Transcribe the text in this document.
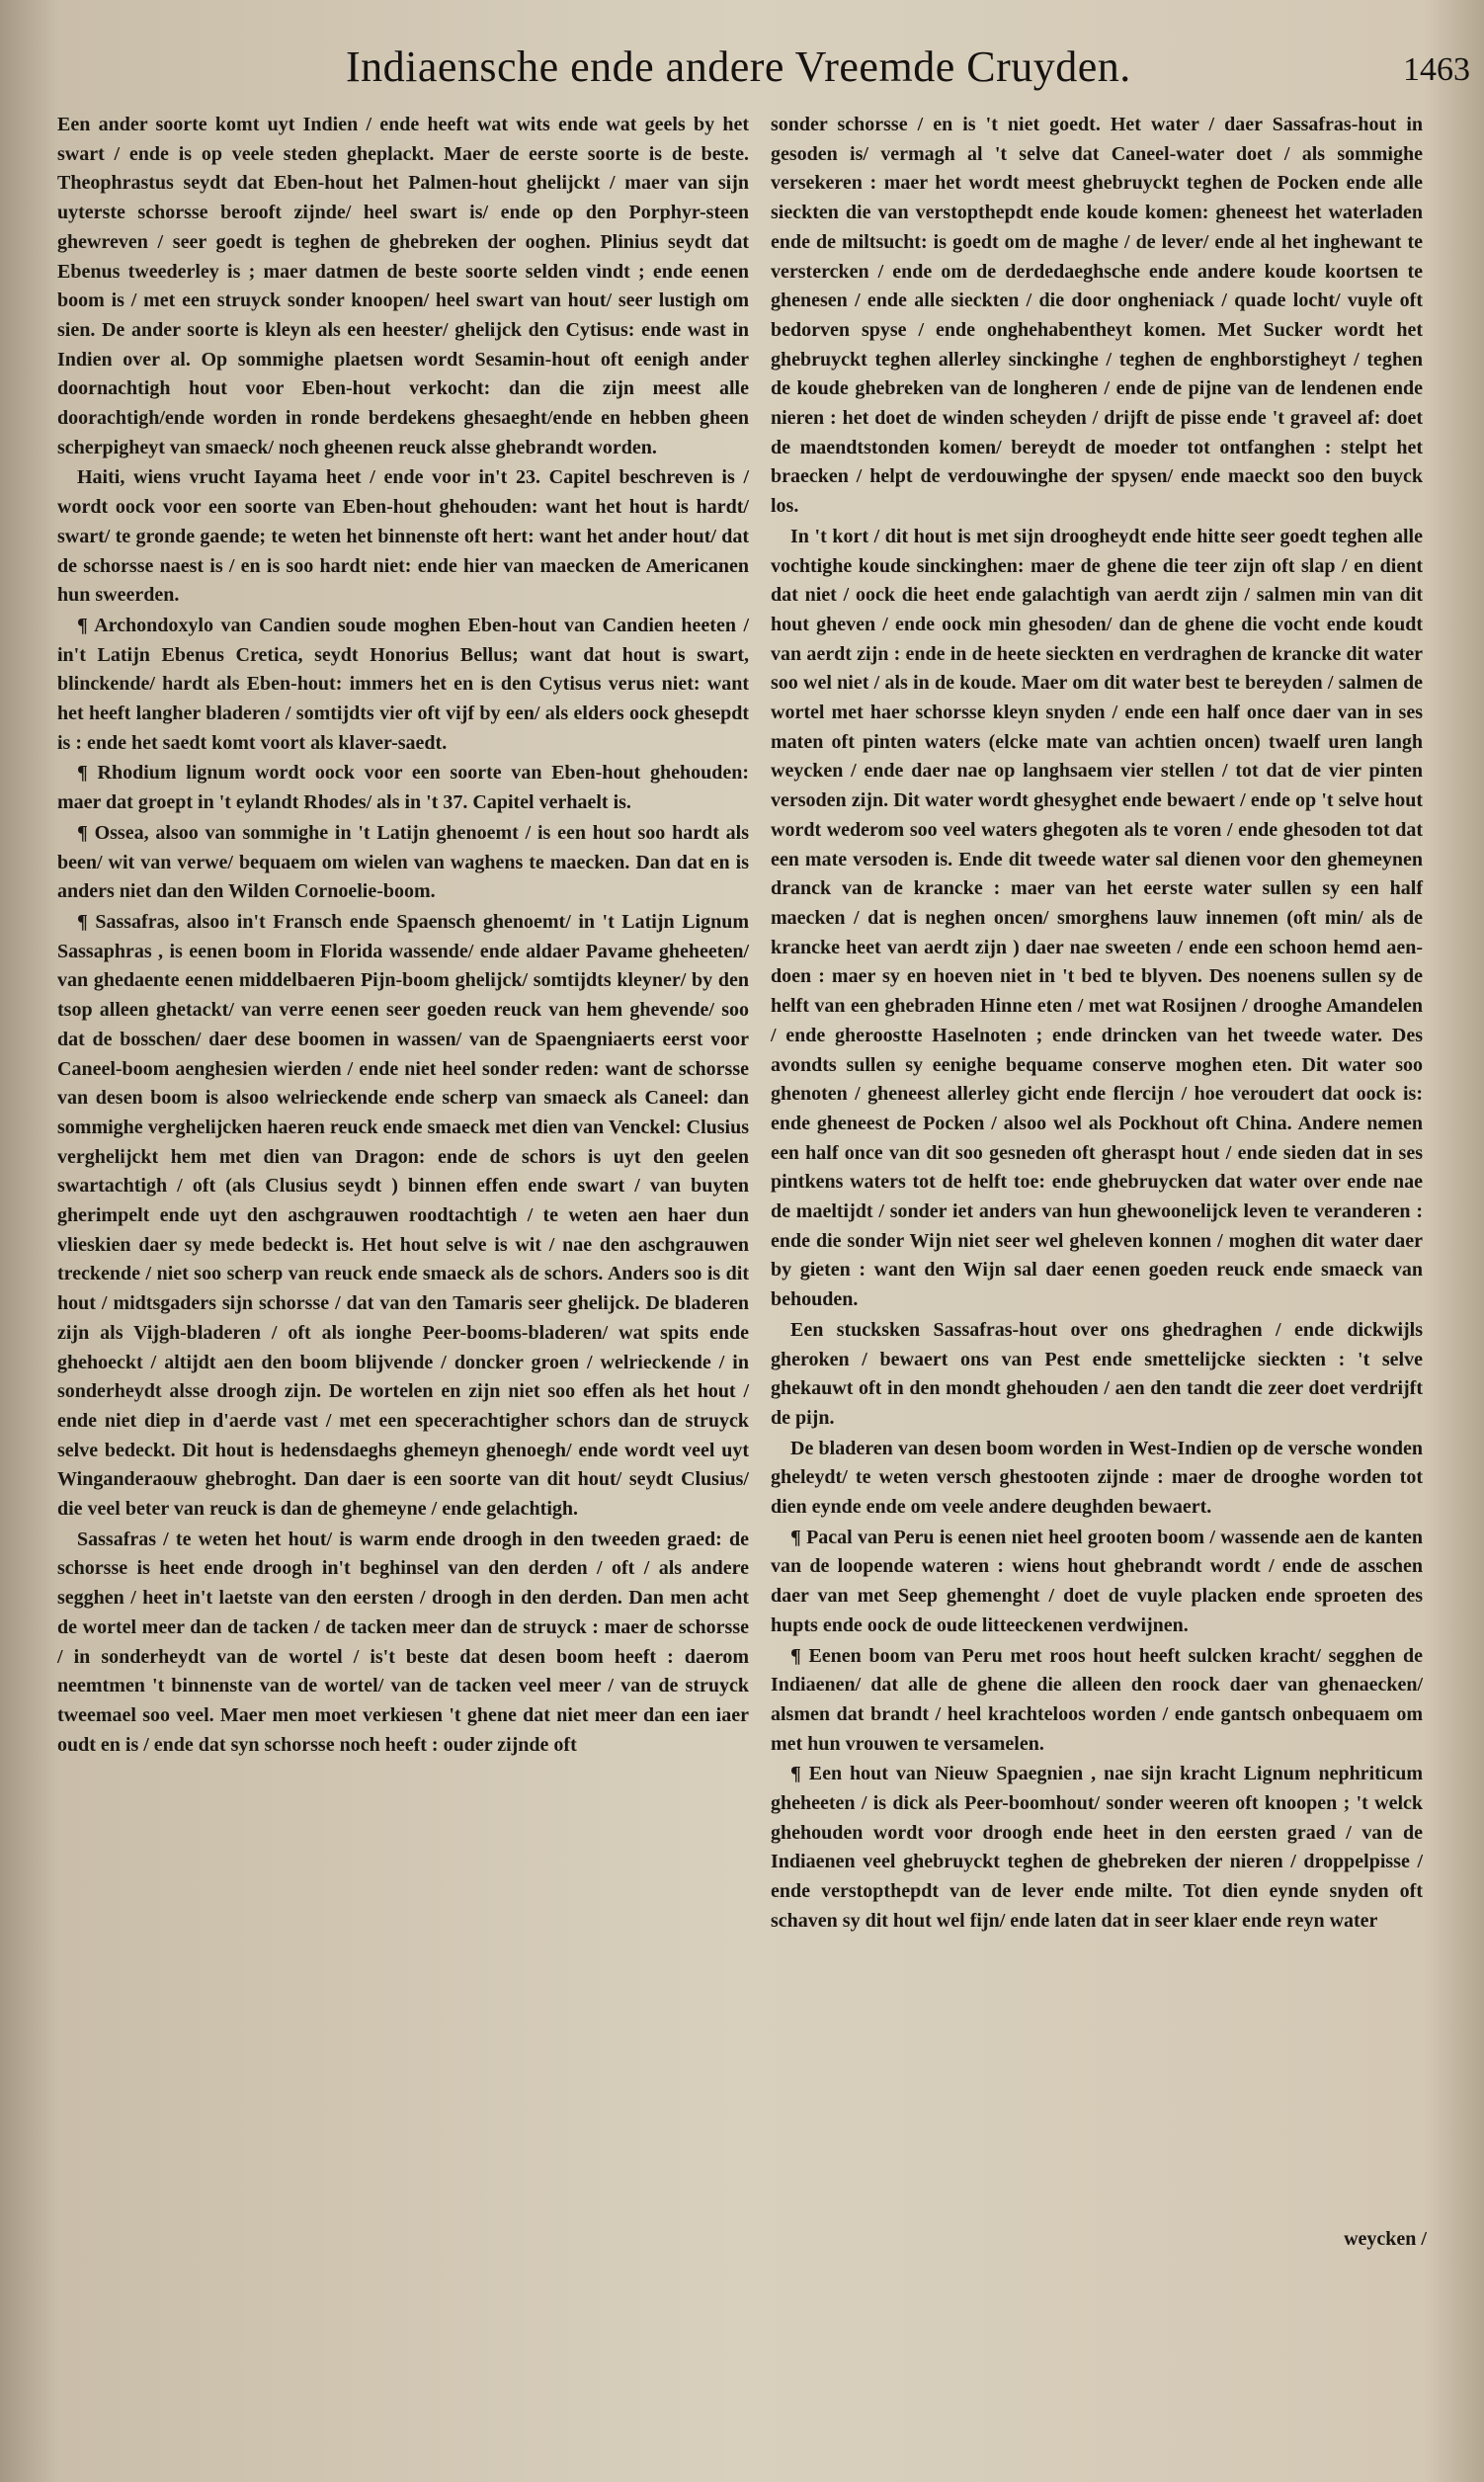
Indiaensche ende andere Vreemde Cruyden.	1463

Een ander soorte komt uyt Indien / ende heeft wat wits ende wat geels by het swart / ende is op veele steden gheplackt. Maer de eerste soorte is de beste. Theophrastus seydt dat Eben-hout het Palmen-hout ghelijckt / maer van sijn uyterste schorsse berooft zijnde/ heel swart is/ ende op den Porphyr-steen ghewreven / seer goedt is teghen de ghebreken der ooghen. Plinius seydt dat Ebenus tweederley is ; maer datmen de beste soorte selden vindt ; ende eenen boom is / met een struyck sonder knoopen/ heel swart van hout/ seer lustigh om sien. De ander soorte is kleyn als een heester/ ghelijck den Cytisus: ende wast in Indien over al. Op sommighe plaetsen wordt Sesamin-hout oft eenigh ander doornachtigh hout voor Eben-hout verkocht: dan die zijn meest alle doorachtigh/ende worden in ronde berdekens ghesaeght/ende en hebben gheen scherpigheyt van smaeck/ noch gheenen reuck alsse ghebrandt worden.

Haiti, wiens vrucht Iayama heet / ende voor in't 23. Capitel beschreven is / wordt oock voor een soorte van Eben-hout ghehouden: want het hout is hardt/ swart/ te gronde gaende; te weten het binnenste oft hert: want het ander hout/ dat de schorsse naest is / en is soo hardt niet: ende hier van maecken de Americanen hun sweerden.

¶ Archondoxylo van Candien soude moghen Eben-hout van Candien heeten / in't Latijn Ebenus Cretica, seydt Honorius Bellus; want dat hout is swart, blinckende/ hardt als Eben-hout: immers het en is den Cytisus verus niet: want het heeft langher bladeren / somtijdts vier oft vijf by een/ als elders oock ghesepdt is : ende het saedt komt voort als klaver-saedt.

¶ Rhodium lignum wordt oock voor een soorte van Eben-hout ghehouden: maer dat groept in 't eylandt Rhodes/ als in 't 37. Capitel verhaelt is.

¶ Ossea, alsoo van sommighe in 't Latijn ghenoemt / is een hout soo hardt als been/ wit van verwe/ bequaem om wielen van waghens te maecken. Dan dat en is anders niet dan den Wilden Cornoelie-boom.

¶ Sassafras, alsoo in't Fransch ende Spaensch ghenoemt/ in 't Latijn Lignum Sassaphras , is eenen boom in Florida wassende/ ende aldaer Pavame gheheeten/ van ghedaente eenen middelbaeren Pijn-boom ghelijck/ somtijdts kleyner/ by den tsop alleen ghetackt/ van verre eenen seer goeden reuck van hem ghevende/ soo dat de bosschen/ daer dese boomen in wassen/ van de Spaengniaerts eerst voor Caneel-boom aenghesien wierden / ende niet heel sonder reden: want de schorsse van desen boom is alsoo welrieckende ende scherp van smaeck als Caneel: dan sommighe verghelijcken haeren reuck ende smaeck met dien van Venckel: Clusius verghelijckt hem met dien van Dragon: ende de schors is uyt den geelen swartachtigh / oft (als Clusius seydt ) binnen effen ende swart / van buyten gherimpelt ende uyt den aschgrauwen roodtachtigh / te weten aen haer dun vlieskien daer sy mede bedeckt is. Het hout selve is wit / nae den aschgrauwen treckende / niet soo scherp van reuck ende smaeck als de schors. Anders soo is dit hout / midtsgaders sijn schorsse / dat van den Tamaris seer ghelijck. De bladeren zijn als Vijgh-bladeren / oft als ionghe Peer-booms-bladeren/ wat spits ende ghehoeckt / altijdt aen den boom blijvende / doncker groen / welrieckende / in sonderheydt alsse droogh zijn. De wortelen en zijn niet soo effen als het hout / ende niet diep in d'aerde vast / met een specerachtigher schors dan de struyck selve bedeckt. Dit hout is hedensdaeghs ghemeyn ghenoegh/ ende wordt veel uyt Winganderaouw ghebroght. Dan daer is een soorte van dit hout/ seydt Clusius/ die veel beter van reuck is dan de ghemeyne / ende gelachtigh.

Sassafras / te weten het hout/ is warm ende droogh in den tweeden graed: de schorsse is heet ende droogh in't beghinsel van den derden / oft / als andere segghen / heet in't laetste van den eersten / droogh in den derden. Dan men acht de wortel meer dan de tacken / de tacken meer dan de struyck : maer de schorsse / in sonderheydt van de wortel / is't beste dat desen boom heeft : daerom neemtmen 't binnenste van de wortel/ van de tacken veel meer / van de struyck tweemael soo veel. Maer men moet verkiesen 't ghene dat niet meer dan een iaer oudt en is / ende dat syn schorsse noch heeft : ouder zijnde oft

sonder schorsse / en is 't niet goedt. Het water / daer Sassafras-hout in gesoden is/ vermagh al 't selve dat Caneel-water doet / als sommighe versekeren : maer het wordt meest ghebruyckt teghen de Pocken ende alle sieckten die van verstopthepdt ende koude komen: gheneest het waterladen ende de miltsucht: is goedt om de maghe / de lever/ ende al het inghewant te verstercken / ende om de derdedaeghsche ende andere koude koortsen te ghenesen / ende alle sieckten / die door ongheniack / quade locht/ vuyle oft bedorven spyse / ende onghehabentheyt komen. Met Sucker wordt het ghebruyckt teghen allerley sinckinghe / teghen de enghborstigheyt / teghen de koude ghebreken van de longheren / ende de pijne van de lendenen ende nieren : het doet de winden scheyden / drijft de pisse ende 't graveel af: doet de maendtstonden komen/ bereydt de moeder tot ontfanghen : stelpt het braecken / helpt de verdouwinghe der spysen/ ende maeckt soo den buyck los.

In 't kort / dit hout is met sijn droogheydt ende hitte seer goedt teghen alle vochtighe koude sinckinghen: maer de ghene die teer zijn oft slap / en dient dat niet / oock die heet ende galachtigh van aerdt zijn / salmen min van dit hout gheven / ende oock min ghesoden/ dan de ghene die vocht ende koudt van aerdt zijn : ende in de heete sieckten en verdraghen de krancke dit water soo wel niet / als in de koude. Maer om dit water best te bereyden / salmen de wortel met haer schorsse kleyn snyden / ende een half once daer van in ses maten oft pinten waters (elcke mate van achtien oncen) twaelf uren langh weycken / ende daer nae op langhsaem vier stellen / tot dat de vier pinten versoden zijn. Dit water wordt ghesyghet ende bewaert / ende op 't selve hout wordt wederom soo veel waters ghegoten als te voren / ende ghesoden tot dat een mate versoden is. Ende dit tweede water sal dienen voor den ghemeynen dranck van de krancke : maer van het eerste water sullen sy een half maecken / dat is neghen oncen/ smorghens lauw innemen (oft min/ als de krancke heet van aerdt zijn ) daer nae sweeten / ende een schoon hemd aen-doen : maer sy en hoeven niet in 't bed te blyven. Des noenens sullen sy de helft van een ghebraden Hinne eten / met wat Rosijnen / drooghe Amandelen / ende gheroostte Haselnoten ; ende drincken van het tweede water. Des avondts sullen sy eenighe bequame conserve moghen eten. Dit water soo ghenoten / gheneest allerley gicht ende flercijn / hoe veroudert dat oock is: ende gheneest de Pocken / alsoo wel als Pockhout oft China. Andere nemen een half once van dit soo gesneden oft gheraspt hout / ende sieden dat in ses pintkens waters tot de helft toe: ende ghebruycken dat water over ende nae de maeltijdt / sonder iet anders van hun ghewoonelijck leven te veranderen : ende die sonder Wijn niet seer wel gheleven konnen / moghen dit water daer by gieten : want den Wijn sal daer eenen goeden reuck ende smaeck van behouden.

Een stucksken Sassafras-hout over ons ghedraghen / ende dickwijls gheroken / bewaert ons van Pest ende smettelijcke sieckten : 't selve ghekauwt oft in den mondt ghehouden / aen den tandt die zeer doet verdrijft de pijn.

De bladeren van desen boom worden in West-Indien op de versche wonden gheleydt/ te weten versch ghestooten zijnde : maer de drooghe worden tot dien eynde ende om veele andere deughden bewaert.

¶ Pacal van Peru is eenen niet heel grooten boom / wassende aen de kanten van de loopende wateren : wiens hout ghebrandt wordt / ende de asschen daer van met Seep ghemenght / doet de vuyle placken ende sproeten des hupts ende oock de oude litteeckenen verdwijnen.

¶ Eenen boom van Peru met roos hout heeft sulcken kracht/ segghen de Indiaenen/ dat alle de ghene die alleen den roock daer van ghenaecken/ alsmen dat brandt / heel krachteloos worden / ende gantsch onbequaem om met hun vrouwen te versamelen.

¶ Een hout van Nieuw Spaegnien , nae sijn kracht Lignum nephriticum gheheeten / is dick als Peer-boomhout/ sonder weeren oft knoopen ; 't welck ghehouden wordt voor droogh ende heet in den eersten graed / van de Indiaenen veel ghebruyckt teghen de ghebreken der nieren / droppelpisse / ende verstopthepdt van de lever ende milte. Tot dien eynde snyden oft schaven sy dit hout wel fijn/ ende laten dat in seer klaer ende reyn water

weycken /
